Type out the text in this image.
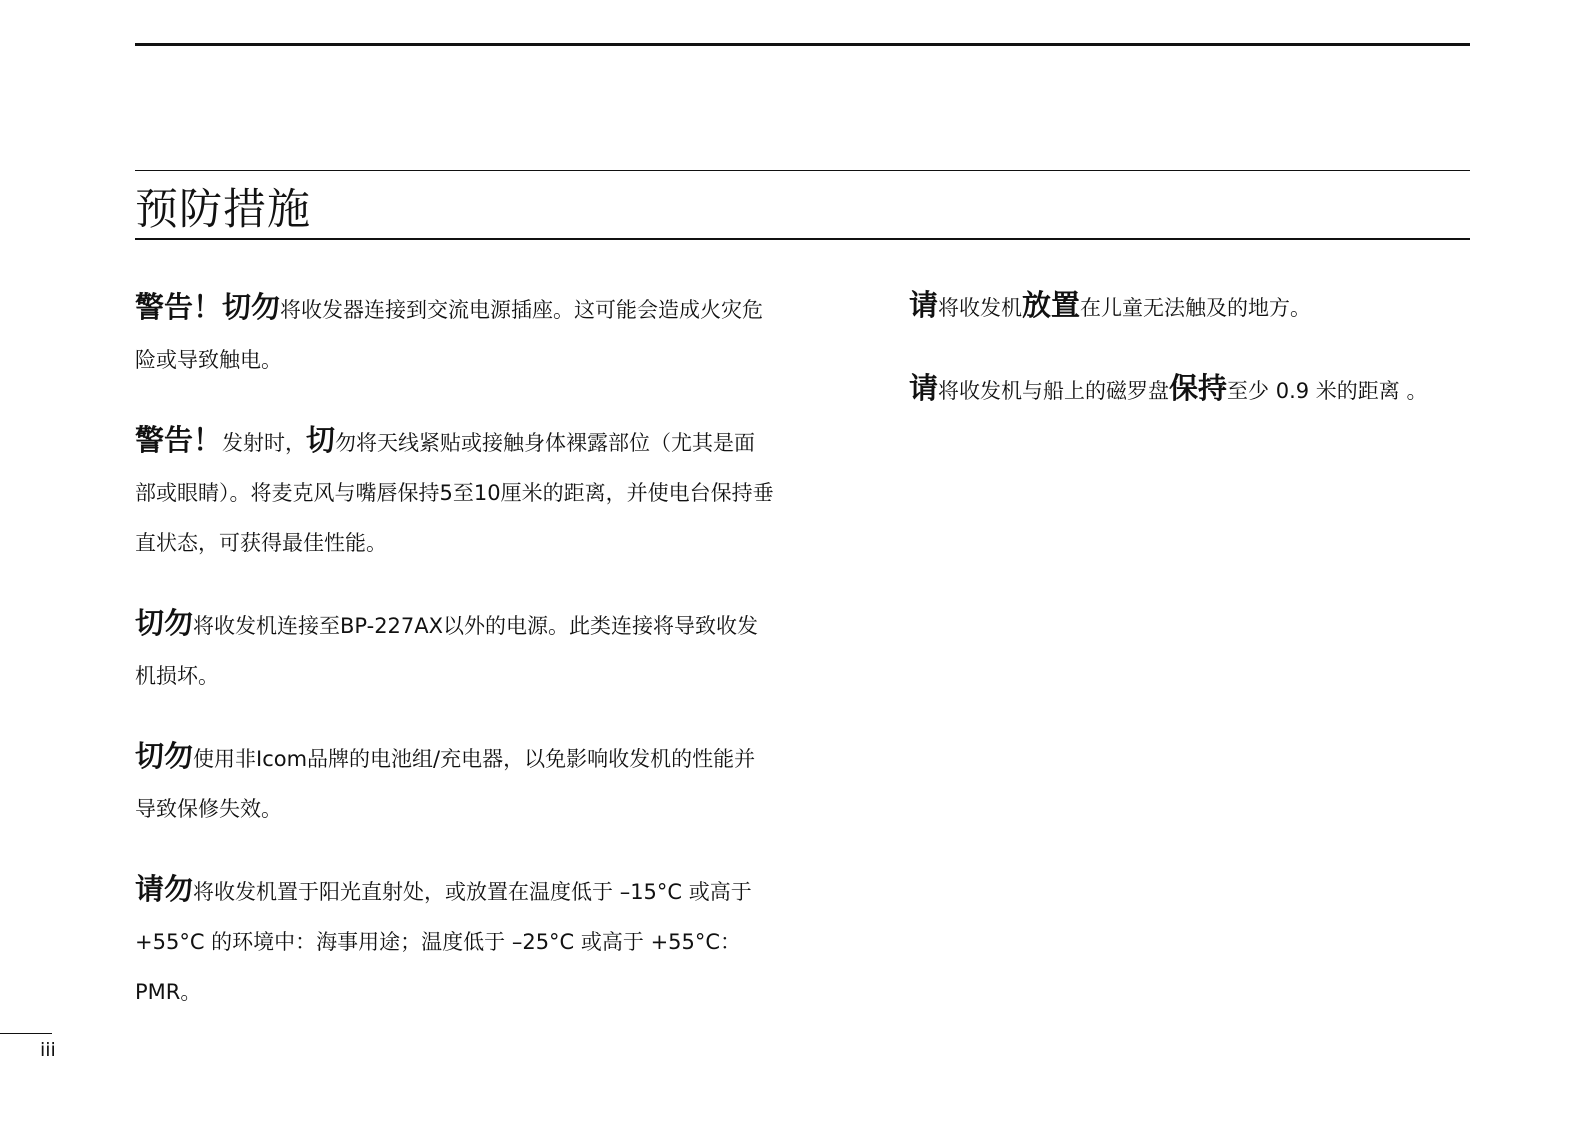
预防措施

警告！切勿将收发器连接到交流电源插座。这可能会造成火灾危险或导致触电。

警告！发射时，切勿将天线紧贴或接触身体裸露部位（尤其是面部或眼睛）。将麦克风与嘴唇保持5至10厘米的距离，并使电台保持垂直状态，可获得最佳性能。

切勿将收发机连接至BP-227AX以外的电源。此类连接将导致收发机损坏。

切勿使用非Icom品牌的电池组/充电器，以免影响收发机的性能并导致保修失效。

请勿将收发机置于阳光直射处，或放置在温度低于 –15°C 或高于 +55°C 的环境中：海事用途；温度低于 –25°C 或高于 +55°C：PMR。

请将收发机放置在儿童无法触及的地方。

请将收发机与船上的磁罗盘保持至少 0.9 米的距离 。

iii
